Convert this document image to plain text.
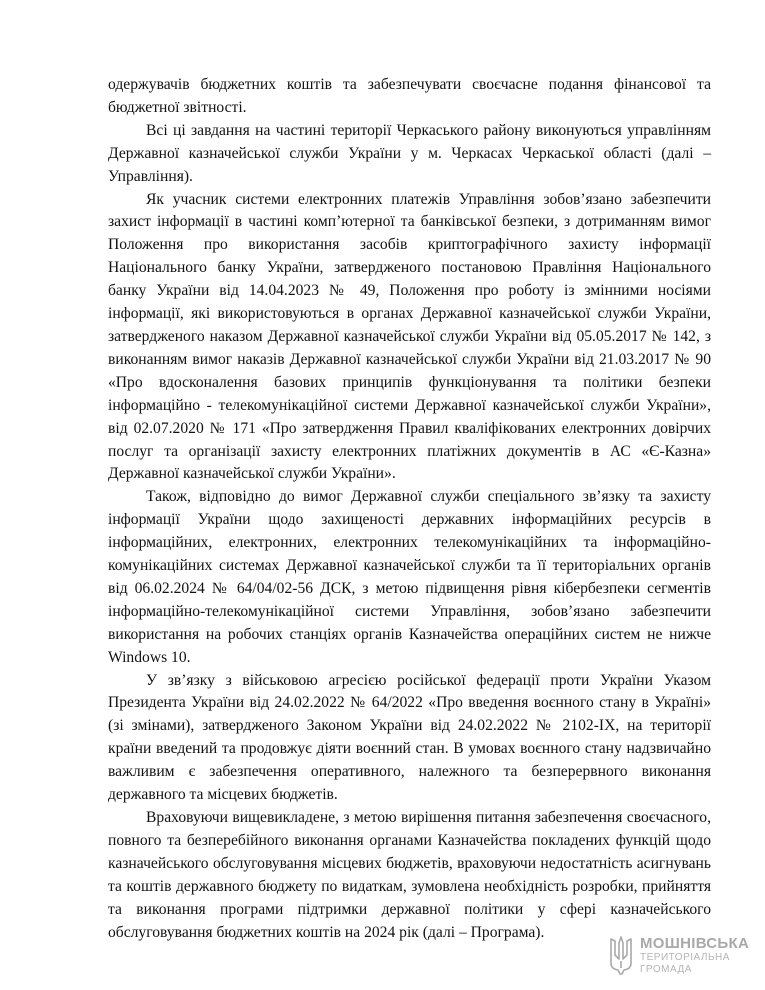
одержувачів бюджетних коштів та забезпечувати своєчасне подання фінансової та бюджетної звітності.

Всі ці завдання на частині території Черкаського району виконуються управлінням Державної казначейської служби України у м. Черкасах Черкаської області (далі – Управління).

Як учасник системи електронних платежів Управління зобов’язано забезпечити захист інформації в частині комп’ютерної та банківської безпеки, з дотриманням вимог Положення про використання засобів криптографічного захисту інформації Національного банку України, затвердженого постановою Правління Національного банку України від 14.04.2023 № 49, Положення про роботу із змінними носіями інформації, які використовуються в органах Державної казначейської служби України, затвердженого наказом Державної казначейської служби України від 05.05.2017 № 142, з виконанням вимог наказів Державної казначейської служби України від 21.03.2017 № 90 «Про вдосконалення базових принципів функціонування та політики безпеки інформаційно - телекомунікаційної системи Державної казначейської служби України», від 02.07.2020 № 171 «Про затвердження Правил кваліфікованих електронних довірчих послуг та організації захисту електронних платіжних документів в АС «Є-Казна» Державної казначейської служби України».

Також, відповідно до вимог Державної служби спеціального зв’язку та захисту інформації України щодо захищеності державних інформаційних ресурсів в інформаційних, електронних, електронних телекомунікаційних та інформаційно-комунікаційних системах Державної казначейської служби та її територіальних органів від 06.02.2024 № 64/04/02-56 ДСК, з метою підвищення рівня кібербезпеки сегментів інформаційно-телекомунікаційної системи Управління, зобов’язано забезпечити використання на робочих станціях органів Казначейства операційних систем не нижче Windows 10.

У зв’язку з військовою агресією російської федерації проти України Указом Президента України від 24.02.2022 № 64/2022 «Про введення воєнного стану в Україні» (зі змінами), затвердженого Законом України від 24.02.2022 № 2102-IX, на території країни введений та продовжує діяти воєнний стан. В умовах воєнного стану надзвичайно важливим є забезпечення оперативного, належного та безперервного виконання державного та місцевих бюджетів.

Враховуючи вищевикладене, з метою вирішення питання забезпечення своєчасного, повного та безперебійного виконання органами Казначейства покладених функцій щодо казначейського обслуговування місцевих бюджетів, враховуючи недостатність асигнувань та коштів державного бюджету по видаткам, зумовлена необхідність розробки, прийняття та виконання програми підтримки державної політики у сфері казначейського обслуговування бюджетних коштів на 2024 рік (далі – Програма).

МОШНІВСЬКА
ТЕРИТОРІАЛЬНА
ГРОМАДА
